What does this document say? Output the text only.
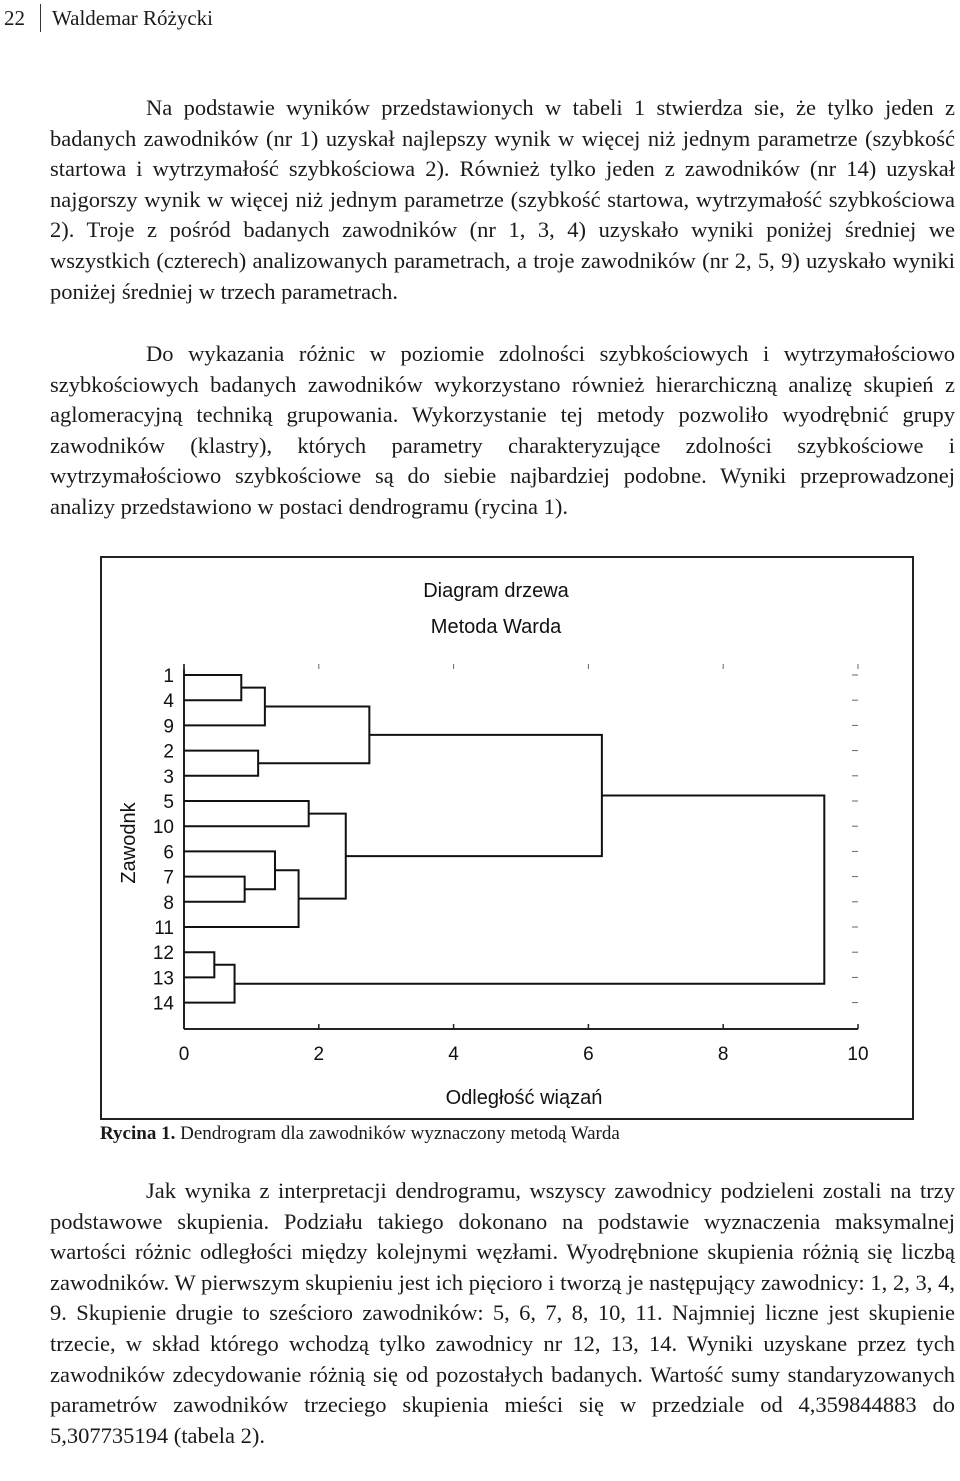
22 Waldemar Różycki

Na podstawie wyników przedstawionych w tabeli 1 stwierdza sie, że tylko jeden z badanych zawodników (nr 1) uzyskał najlepszy wynik w więcej niż jednym parametrze (szybkość startowa i wytrzymałość szybkościowa 2). Również tylko jeden z zawodników (nr 14) uzyskał najgorszy wynik w więcej niż jednym parametrze (szybkość startowa, wytrzymałość szybkościowa 2). Troje z pośród badanych zawodników (nr 1, 3, 4) uzyskało wyniki poniżej średniej we wszystkich (czterech) analizowanych parametrach, a troje zawodników (nr 2, 5, 9) uzyskało wyniki poniżej średniej w trzech parametrach.

Do wykazania różnic w poziomie zdolności szybkościowych i wytrzymałościowo szybkościowych badanych zawodników wykorzystano również hierarchiczną analizę skupień z aglomeracyjną techniką grupowania. Wykorzystanie tej metody pozwoliło wyodrębnić grupy zawodników (klastry), których parametry charakteryzujące zdolności szybkościowe i wytrzymałościowo szybkościowe są do siebie najbardziej podobne. Wyniki przeprowadzonej analizy przedstawiono w postaci dendrogramu (rycina 1).

Diagram drzewa
Metoda Warda
Zawodnk
Odległość wiązań
1
4
9
2
3
5
10
6
7
8
11
12
13
14
0	2	4	6	8	10
Rycina 1. Dendrogram dla zawodników wyznaczony metodą Warda

Jak wynika z interpretacji dendrogramu, wszyscy zawodnicy podzieleni zostali na trzy podstawowe skupienia. Podziału takiego dokonano na podstawie wyznaczenia maksymalnej wartości różnic odległości między kolejnymi węzłami. Wyodrębnione skupienia różnią się liczbą zawodników. W pierwszym skupieniu jest ich pięcioro i tworzą je następujący zawodnicy: 1, 2, 3, 4, 9. Skupienie drugie to sześcioro zawodników: 5, 6, 7, 8, 10, 11. Najmniej liczne jest skupienie trzecie, w skład którego wchodzą tylko zawodnicy nr 12, 13, 14. Wyniki uzyskane przez tych zawodników zdecydowanie różnią się od pozostałych badanych. Wartość sumy standaryzowanych parametrów zawodników trzeciego skupienia mieści się w przedziale od 4,359844883 do 5,307735194 (tabela 2).
